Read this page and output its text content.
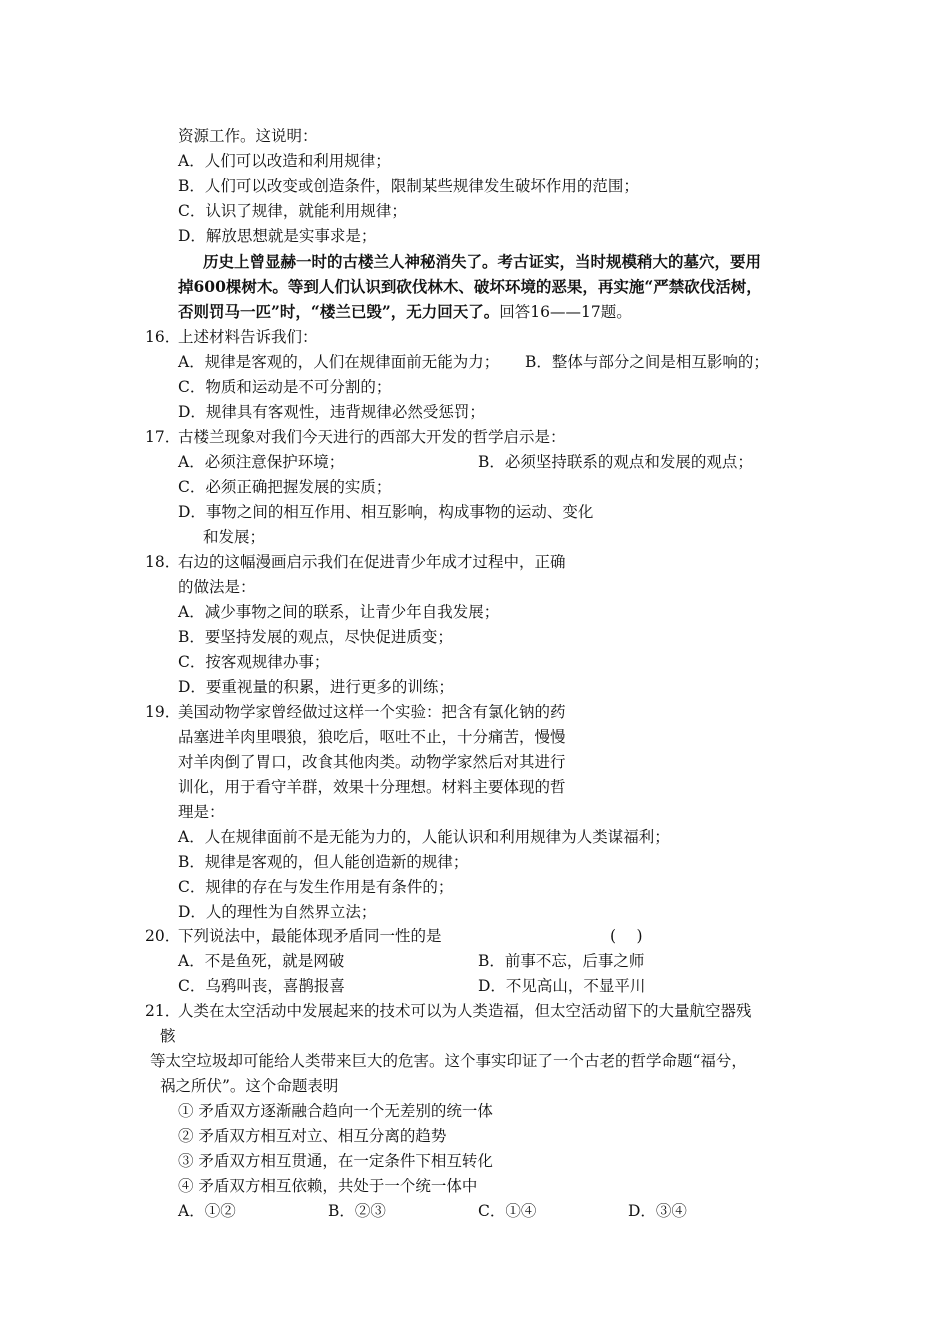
资源工作。这说明：
A．人们可以改造和利用规律；
B．人们可以改变或创造条件，限制某些规律发生破坏作用的范围；
C．认识了规律，就能利用规律；
D．解放思想就是实事求是；
历史上曾显赫一时的古楼兰人神秘消失了。考古证实，当时规模稍大的墓穴，要用
掉600棵树木。等到人们认识到砍伐林木、破坏环境的恶果，再实施“严禁砍伐活树，
否则罚马一匹”时，“楼兰已毁”，无力回天了。回答16——17题。
16．
上述材料告诉我们：
A．规律是客观的，人们在规律面前无能为力； B．整体与部分之间是相互影响的；
C．物质和运动是不可分割的；
D．规律具有客观性，违背规律必然受惩罚；
17．
古楼兰现象对我们今天进行的西部大开发的哲学启示是：
A．必须注意保护环境；	B．必须坚持联系的观点和发展的观点；
C．必须正确把握发展的实质；
D．事物之间的相互作用、相互影响，构成事物的运动、变化
和发展；
18．
右边的这幅漫画启示我们在促进青少年成才过程中，正确
的做法是：
A．减少事物之间的联系，让青少年自我发展；
B．要坚持发展的观点，尽快促进质变；
C．按客观规律办事；
D．要重视量的积累，进行更多的训练；
19．
美国动物学家曾经做过这样一个实验：把含有氯化钠的药
品塞进羊肉里喂狼，狼吃后，呕吐不止，十分痛苦，慢慢
对羊肉倒了胃口，改食其他肉类。动物学家然后对其进行
训化，用于看守羊群，效果十分理想。材料主要体现的哲
理是：
A．人在规律面前不是无能为力的，人能认识和利用规律为人类谋福利；
B．规律是客观的，但人能创造新的规律；
C．规律的存在与发生作用是有条件的；
D．人的理性为自然界立法；
20．
下列说法中，最能体现矛盾同一性的是	(　 )
A．不是鱼死，就是网破	B．前事不忘，后事之师
C．乌鸦叫丧，喜鹊报喜	D．不见高山，不显平川
21．
人类在太空活动中发展起来的技术可以为人类造福，但太空活动留下的大量航空器残
骸
等太空垃圾却可能给人类带来巨大的危害。这个事实印证了一个古老的哲学命题“福兮，
祸之所伏”。这个命题表明
① 矛盾双方逐渐融合趋向一个无差别的统一体
② 矛盾双方相互对立、相互分离的趋势
③ 矛盾双方相互贯通，在一定条件下相互转化
④ 矛盾双方相互依赖，共处于一个统一体中
A．①②	B．②③	C．①④	D．③④
